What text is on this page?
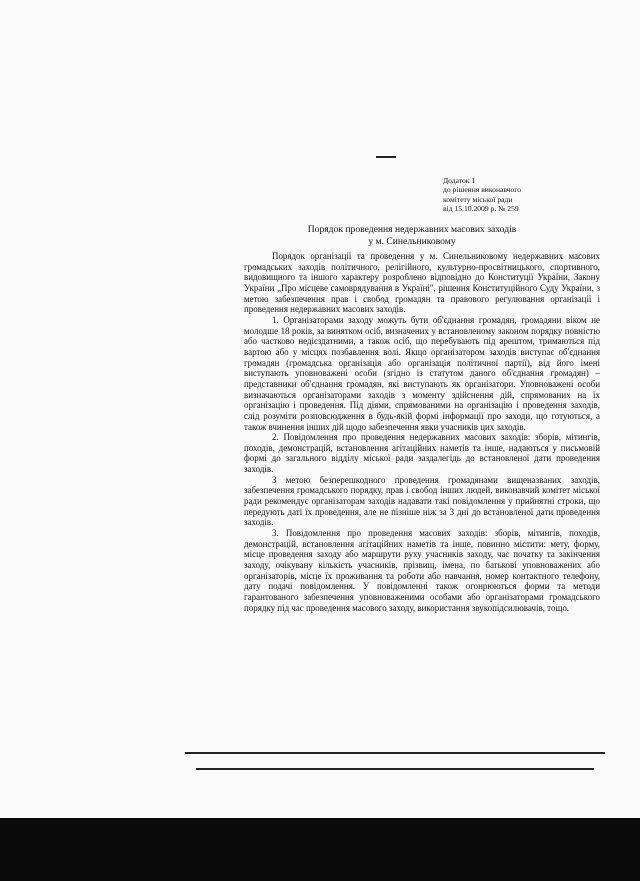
Додаток 1
до рішення виконавчого
комітету міської ради
від 15.10.2009 р. № 259
Порядок проведення недержавних масових заходів
у м. Синельниковому

Порядок організації та проведення у м. Синельниковому недержавних масових громадських заходів політичного, релігійного, культурно-просвітницького, спортивного, видовищного та іншого характеру розроблено відповідно до Конституції України, Закону України „Про місцеве самоврядування в Україні", рішення Конституційного Суду України, з метою забезпечення прав і свобод громадян та правового регулювання організації і проведення недержавних масових заходів.

1. Організаторами заходу можуть бути об'єднання громадян, громадяни віком не молодше 18 років, за винятком осіб, визначених у встановленому законом порядку повністю або частково недієздатними, а також осіб, що перебувають під арештом, тримаються під вартою або у місцях позбавлення волі. Якщо організатором заходів виступає об'єднання громадян (громадська організація або організація політичної партії), від його імені виступають уповноважені особи (згідно із статутом даного об'єднання громадян) – представники об'єднання громадян, які виступають як організатори. Уповноважені особи визначаються організаторами заходів з моменту здійснення дій, спрямованих на їх організацію і проведення. Під діями, спрямованими на організацію і проведення заходів, слід розуміти розповсюдження в будь-якій формі інформації про заходи, що готуються, а також вчинення інших дій щодо забезпечення явки учасників цих заходів.

2. Повідомлення про проведення недержавних масових заходів: зборів, мітингів, походів, демонстрацій, встановлення агітаційних наметів та інше, надаються у письмовій формі до загального відділу міської ради заздалегідь до встановленої дати проведення заходів.

З метою безперешкодного проведення громадянами вищеназваних заходів, забезпечення громадського порядку, прав і свобод інших людей, виконавчий комітет міської ради рекомендує організаторам заходів надавати такі повідомлення у прийнятні строки, що передують даті їх проведення, але не пізніше ніж за 3 дні до встановленої дати проведення заходів.

3. Повідомлення про проведення масових заходів: зборів, мітингів, походів, демонстрацій, встановлення агітаційних наметів та інше, повинно містити: мету, форму, місце проведення заходу або маршрути руху учасників заходу, час початку та закінчення заходу, очікувану кількість учасників, прізвищ, імена, по батькові уповноважених або організаторів, місце їх проживання та роботи або навчання, номер контактного телефону, дату подачі повідомлення. У повідомленні також огонрюються форми та методи гарантованого забезпечення уповноваженими особами або організаторами громадського порядку під час проведення масового заходу, використання звукопідсилювачів, тощо.
